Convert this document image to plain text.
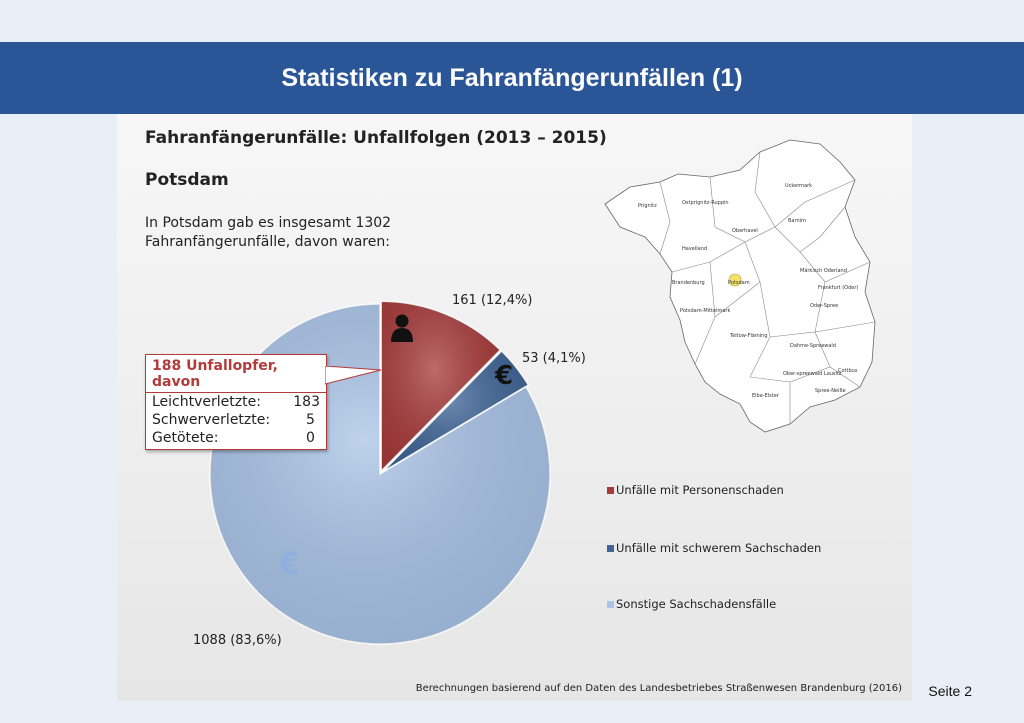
Statistiken zu Fahranfängerunfällen (1)
Fahranfängerunfälle: Unfallfolgen (2013 – 2015)
Potsdam
In Potsdam gab es insgesamt 1302
Fahranfängerunfälle, davon waren:
161 (12,4%)
53 (4,1%)
€
1088 (83,6%)
€
Prignitz	Ostprignitz-Ruppin
Oberhavel
Uckermark
Barnim
Havelland
Märkisch Oderland
Brandenburg	Potsdam
Frankfurt (Oder)
Potsdam-Mittelmark
Oder-Spree
Teltow-Fläming
Dahme-Spreewald
Ober-spreewald Lausitz
Cottbus
Elbe-Elster
Spree-Neiße
Unfälle mit Personenschaden
Unfälle mit schwerem Sachschaden
Sonstige Sachschadensfälle
188 Unfallopfer, davon
Leichtverletzte:	183
Schwerverletzte:	5
Getötete:	0
Berechnungen basierend auf den Daten des Landesbetriebes Straßenwesen Brandenburg (2016) Seite 2
